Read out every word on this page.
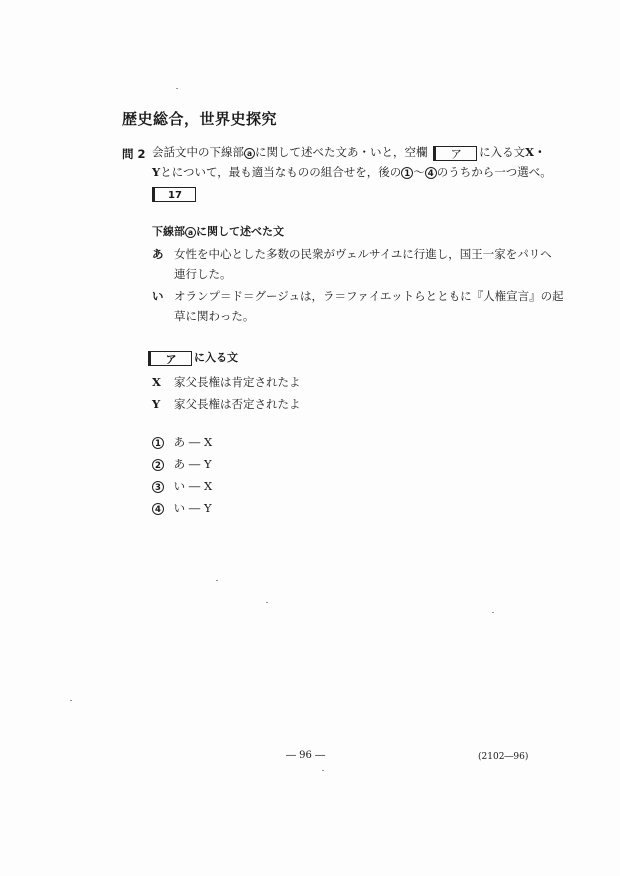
歴史総合，世界史探究
問 2 会話文中の下線部 a に関して述べた文あ・いと，空欄 ア に入る文X・
Yとについて，最も適当なものの組合せを，後の 1 〜 4 のうちから一つ選べ。
17
下線部 a に関して述べた文
あ 女性を中心とした多数の民衆がヴェルサイユに行進し，国王一家をパリへ
連行した。
い オランプ＝ド＝グージュは，ラ＝ファイエットらとともに『人権宣言』の起
草に関わった。
ア に入る文
X 家父長権は肯定されたよ
Y 家父長権は否定されたよ
1 あ ― X
2 あ ― Y
3 い ― X
4 い ― Y
― 96 ―	(2102―96)
